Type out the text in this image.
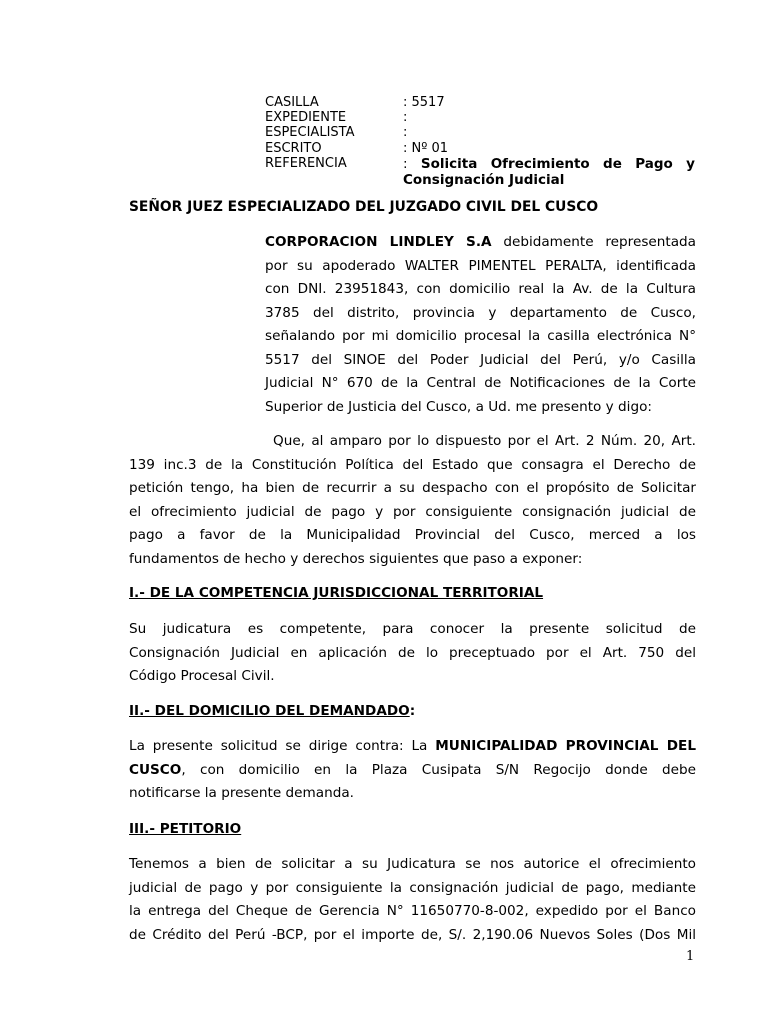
CASILLA	: 5517
EXPEDIENTE	:
ESPECIALISTA	:
ESCRITO	: Nº 01
REFERENCIA	: Solicita Ofrecimiento de Pago y
Consignación Judicial
SEÑOR JUEZ ESPECIALIZADO DEL JUZGADO CIVIL DEL CUSCO
CORPORACION LINDLEY S.A debidamente representada
por su apoderado WALTER PIMENTEL PERALTA, identificada
con DNI. 23951843, con domicilio real la Av. de la Cultura
3785 del distrito, provincia y departamento de Cusco,
señalando por mi domicilio procesal la casilla electrónica N°
5517 del SINOE del Poder Judicial del Perú, y/o Casilla
Judicial N° 670 de la Central de Notificaciones de la Corte
Superior de Justicia del Cusco, a Ud. me presento y digo:
Que, al amparo por lo dispuesto por el Art. 2 Núm. 20, Art.
139 inc.3 de la Constitución Política del Estado que consagra el Derecho de
petición tengo, ha bien de recurrir a su despacho con el propósito de Solicitar
el ofrecimiento judicial de pago y por consiguiente consignación judicial de
pago a favor de la Municipalidad Provincial del Cusco, merced a los
fundamentos de hecho y derechos siguientes que paso a exponer:
I.- DE LA COMPETENCIA JURISDICCIONAL TERRITORIAL
Su judicatura es competente, para conocer la presente solicitud de
Consignación Judicial en aplicación de lo preceptuado por el Art. 750 del
Código Procesal Civil.
II.- DEL DOMICILIO DEL DEMANDADO:
La presente solicitud se dirige contra: La MUNICIPALIDAD PROVINCIAL DEL
CUSCO, con domicilio en la Plaza Cusipata S/N Regocijo donde debe
notificarse la presente demanda.
III.- PETITORIO
Tenemos a bien de solicitar a su Judicatura se nos autorice el ofrecimiento
judicial de pago y por consiguiente la consignación judicial de pago, mediante
la entrega del Cheque de Gerencia N° 11650770-8-002, expedido por el Banco
de Crédito del Perú -BCP, por el importe de, S/. 2,190.06 Nuevos Soles (Dos Mil
1
